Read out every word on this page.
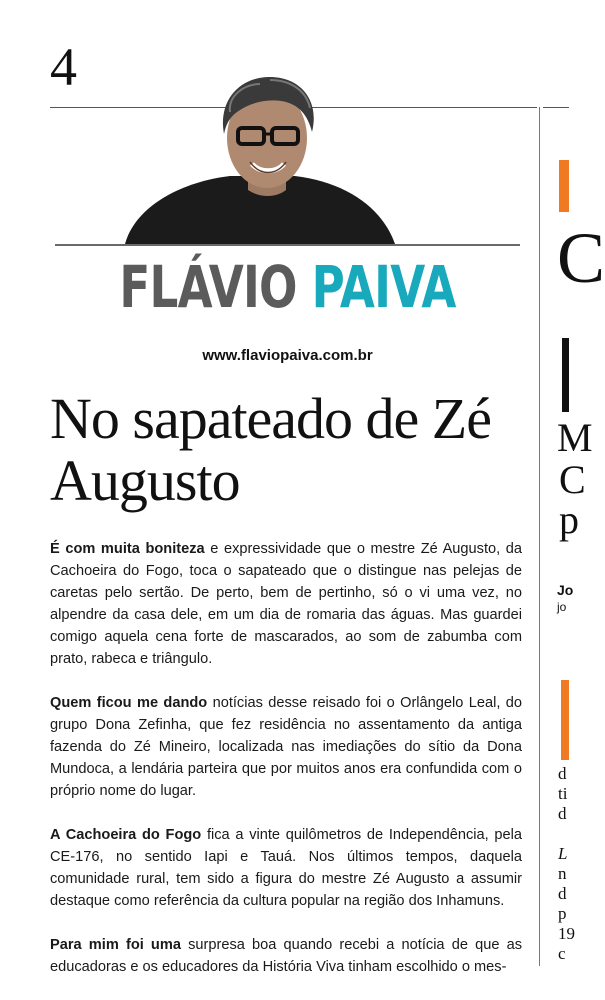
4
FLÁVIO PAIVA
www.flaviopaiva.com.br
No sapateado de Zé Augusto

É com muita boniteza e expressividade que o mestre Zé Augusto, da Cachoeira do Fogo, toca o sapateado que o distingue nas pelejas de caretas pelo sertão. De perto, bem de pertinho, só o vi uma vez, no alpendre da casa dele, em um dia de romaria das águas. Mas guardei comigo aquela cena forte de mascarados, ao som de zabumba com prato, rabeca e triângulo.

Quem ficou me dando notícias desse reisado foi o Orlângelo Leal, do grupo Dona Zefinha, que fez residência no assentamento da antiga fazenda do Zé Mineiro, localizada nas imediações do sítio da Dona Mundoca, a lendária parteira que por muitos anos era confundida com o próprio nome do lugar.

A Cachoeira do Fogo fica a vinte quilômetros de Independência, pela CE-176, no sentido Iapi e Tauá. Nos últimos tempos, daquela comunidade rural, tem sido a figura do mestre Zé Augusto a assumir destaque como referência da cultura popular na região dos Inhamuns.

Para mim foi uma surpresa boa quando recebi a notícia de que as educadoras e os educadores da História Viva tinham escolhido o mes-

C
M
C
p
Jo
jo
d
ti
d
L
n
d
p
19
c
